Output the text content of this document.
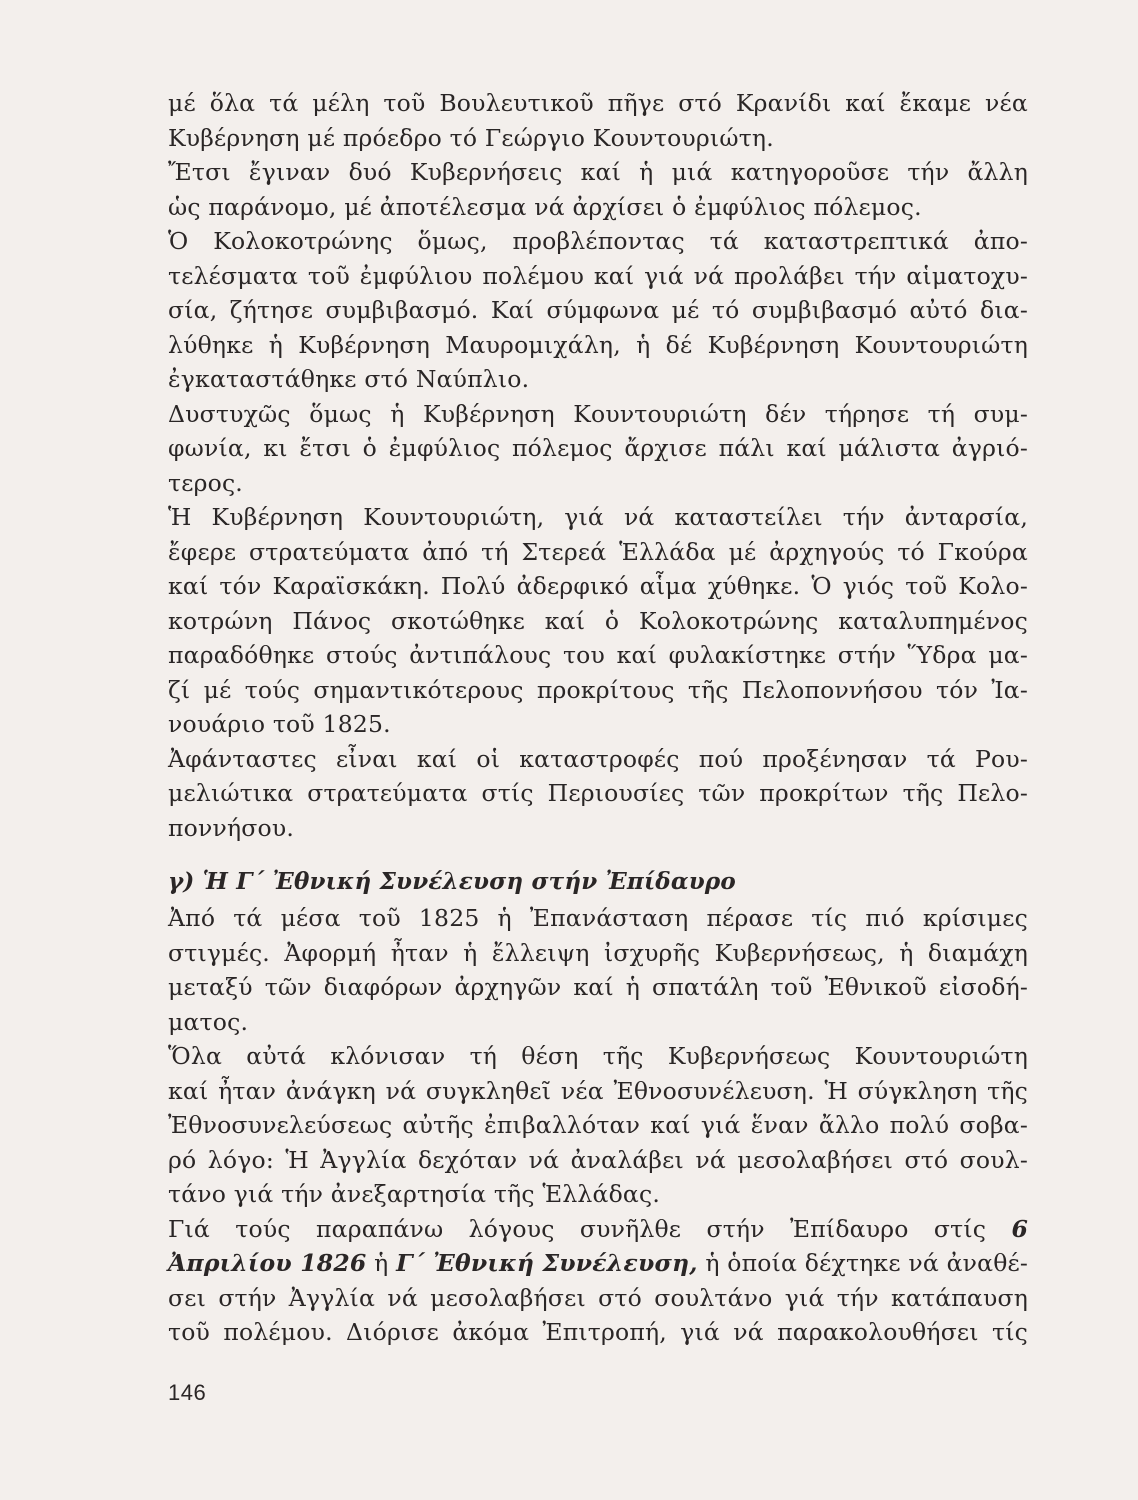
μέ ὅλα τά μέλη τοῦ Βουλευτικοῦ πῆγε στό Κρανίδι καί ἔκαμε νέα
Κυβέρνηση μέ πρόεδρο τό Γεώργιο Κουντουριώτη.
Ἔτσι ἔγιναν δυό Κυβερνήσεις καί ἡ μιά κατηγοροῦσε τήν ἄλλη
ὡς παράνομο, μέ ἀποτέλεσμα νά ἀρχίσει ὁ ἐμφύλιος πόλεμος.
Ὁ Κολοκοτρώνης ὅμως, προβλέποντας τά καταστρεπτικά ἀπο-
τελέσματα τοῦ ἐμφύλιου πολέμου καί γιά νά προλάβει τήν αἱματοχυ-
σία, ζήτησε συμβιβασμό. Καί σύμφωνα μέ τό συμβιβασμό αὐτό δια-
λύθηκε ἡ Κυβέρνηση Μαυρομιχάλη, ἡ δέ Κυβέρνηση Κουντουριώτη
ἐγκαταστάθηκε στό Ναύπλιο.
Δυστυχῶς ὅμως ἡ Κυβέρνηση Κουντουριώτη δέν τήρησε τή συμ-
φωνία, κι ἔτσι ὁ ἐμφύλιος πόλεμος ἄρχισε πάλι καί μάλιστα ἀγριό-
τερος.
Ἡ Κυβέρνηση Κουντουριώτη, γιά νά καταστείλει τήν ἀνταρσία,
ἔφερε στρατεύματα ἀπό τή Στερεά Ἑλλάδα μέ ἀρχηγούς τό Γκούρα
καί τόν Καραϊσκάκη. Πολύ ἀδερφικό αἷμα χύθηκε. Ὁ γιός τοῦ Κολο-
κοτρώνη Πάνος σκοτώθηκε καί ὁ Κολοκοτρώνης καταλυπημένος
παραδόθηκε στούς ἀντιπάλους του καί φυλακίστηκε στήν Ὕδρα μα-
ζί μέ τούς σημαντικότερους προκρίτους τῆς Πελοποννήσου τόν Ἰα-
νουάριο τοῦ 1825.
Ἀφάνταστες εἶναι καί οἱ καταστροφές πού προξένησαν τά Ρου-
μελιώτικα στρατεύματα στίς Περιουσίες τῶν προκρίτων τῆς Πελο-
ποννήσου.
γ) Ἡ Γ΄ Ἐθνική Συνέλευση στήν Ἐπίδαυρο
Ἀπό τά μέσα τοῦ 1825 ἡ Ἐπανάσταση πέρασε τίς πιό κρίσιμες
στιγμές. Ἀφορμή ἦταν ἡ ἔλλειψη ἰσχυρῆς Κυβερνήσεως, ἡ διαμάχη
μεταξύ τῶν διαφόρων ἀρχηγῶν καί ἡ σπατάλη τοῦ Ἐθνικοῦ εἰσοδή-
ματος.
Ὅλα αὐτά κλόνισαν τή θέση τῆς Κυβερνήσεως Κουντουριώτη
καί ἦταν ἀνάγκη νά συγκληθεῖ νέα Ἐθνοσυνέλευση. Ἡ σύγκληση τῆς
Ἐθνοσυνελεύσεως αὐτῆς ἐπιβαλλόταν καί γιά ἕναν ἄλλο πολύ σοβα-
ρό λόγο: Ἡ Ἀγγλία δεχόταν νά ἀναλάβει νά μεσολαβήσει στό σουλ-
τάνο γιά τήν ἀνεξαρτησία τῆς Ἑλλάδας.
Γιά τούς παραπάνω λόγους συνῆλθε στήν Ἐπίδαυρο στίς 6
Ἀπριλίου 1826 ἡ Γ΄ Ἐθνική Συνέλευση, ἡ ὁποία δέχτηκε νά ἀναθέ-
σει στήν Ἀγγλία νά μεσολαβήσει στό σουλτάνο γιά τήν κατάπαυση
τοῦ πολέμου. Διόρισε ἀκόμα Ἐπιτροπή, γιά νά παρακολουθήσει τίς
146
